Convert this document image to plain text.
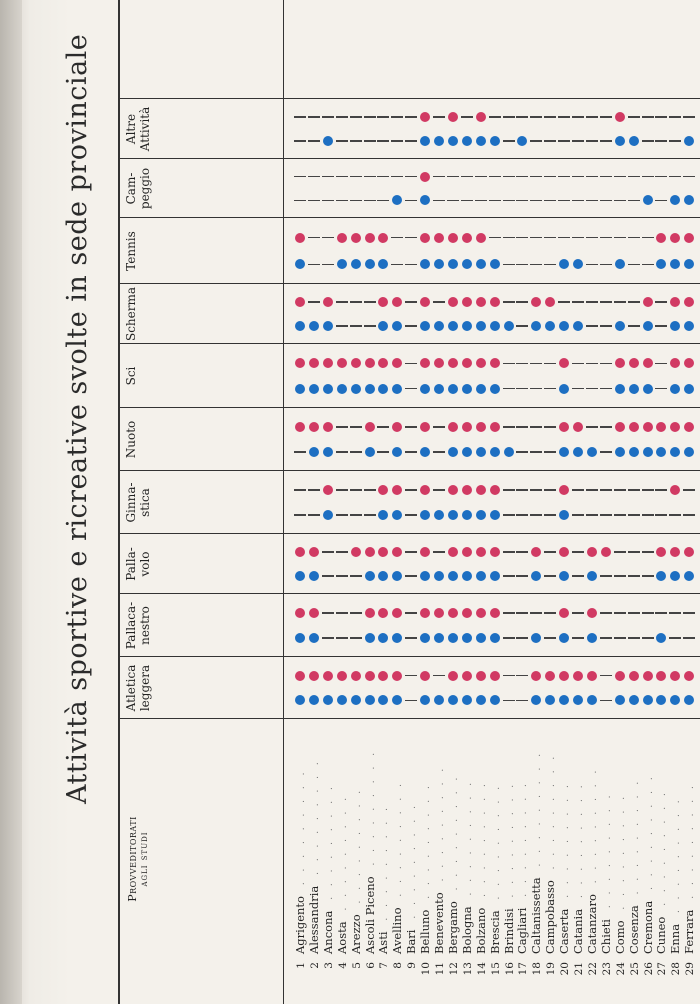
Attività sportive e ricreative svolte in sede provinciale
Provveditorati agli studi
Atletica leggera
Pallaca- nestro
Palla- volo
Ginna- stica
Nuoto
Sci
Scherma
Tennis
Cam- peggio
Altre Attività
1Agrigento . . . . . . . . .
2Alessandria . . . . . . . . .
3Ancona . . . . . . . . .
4Aosta . . . . . . . . .
5Arezzo . . . . . . . . .
6Ascoli Piceno . . . . . . . . .
7Asti . . . . . . . . .
8Avellino . . . . . . . . .
9Bari . . . . . . . . .
10Belluno . . . . . . . . .
11Benevento . . . . . . . . .
12Bergamo . . . . . . . . .
13Bologna . . . . . . . . .
14Bolzano . . . . . . . . .
15Brescia . . . . . . . . .
16Brindisi . . . . . . . . .
17Cagliari . . . . . . . . .
18Caltanissetta . . . . . . . . .
19Campobasso . . . . . . . . .
20Caserta . . . . . . . . .
21Catania . . . . . . . . .
22Catanzaro . . . . . . . . .
23Chieti . . . . . . . . .
24Como . . . . . . . . .
25Cosenza . . . . . . . . .
26Cremona . . . . . . . . .
27Cuneo . . . . . . . . .
28Enna . . . . . . . . .
29Ferrara . . . . . . . . .
